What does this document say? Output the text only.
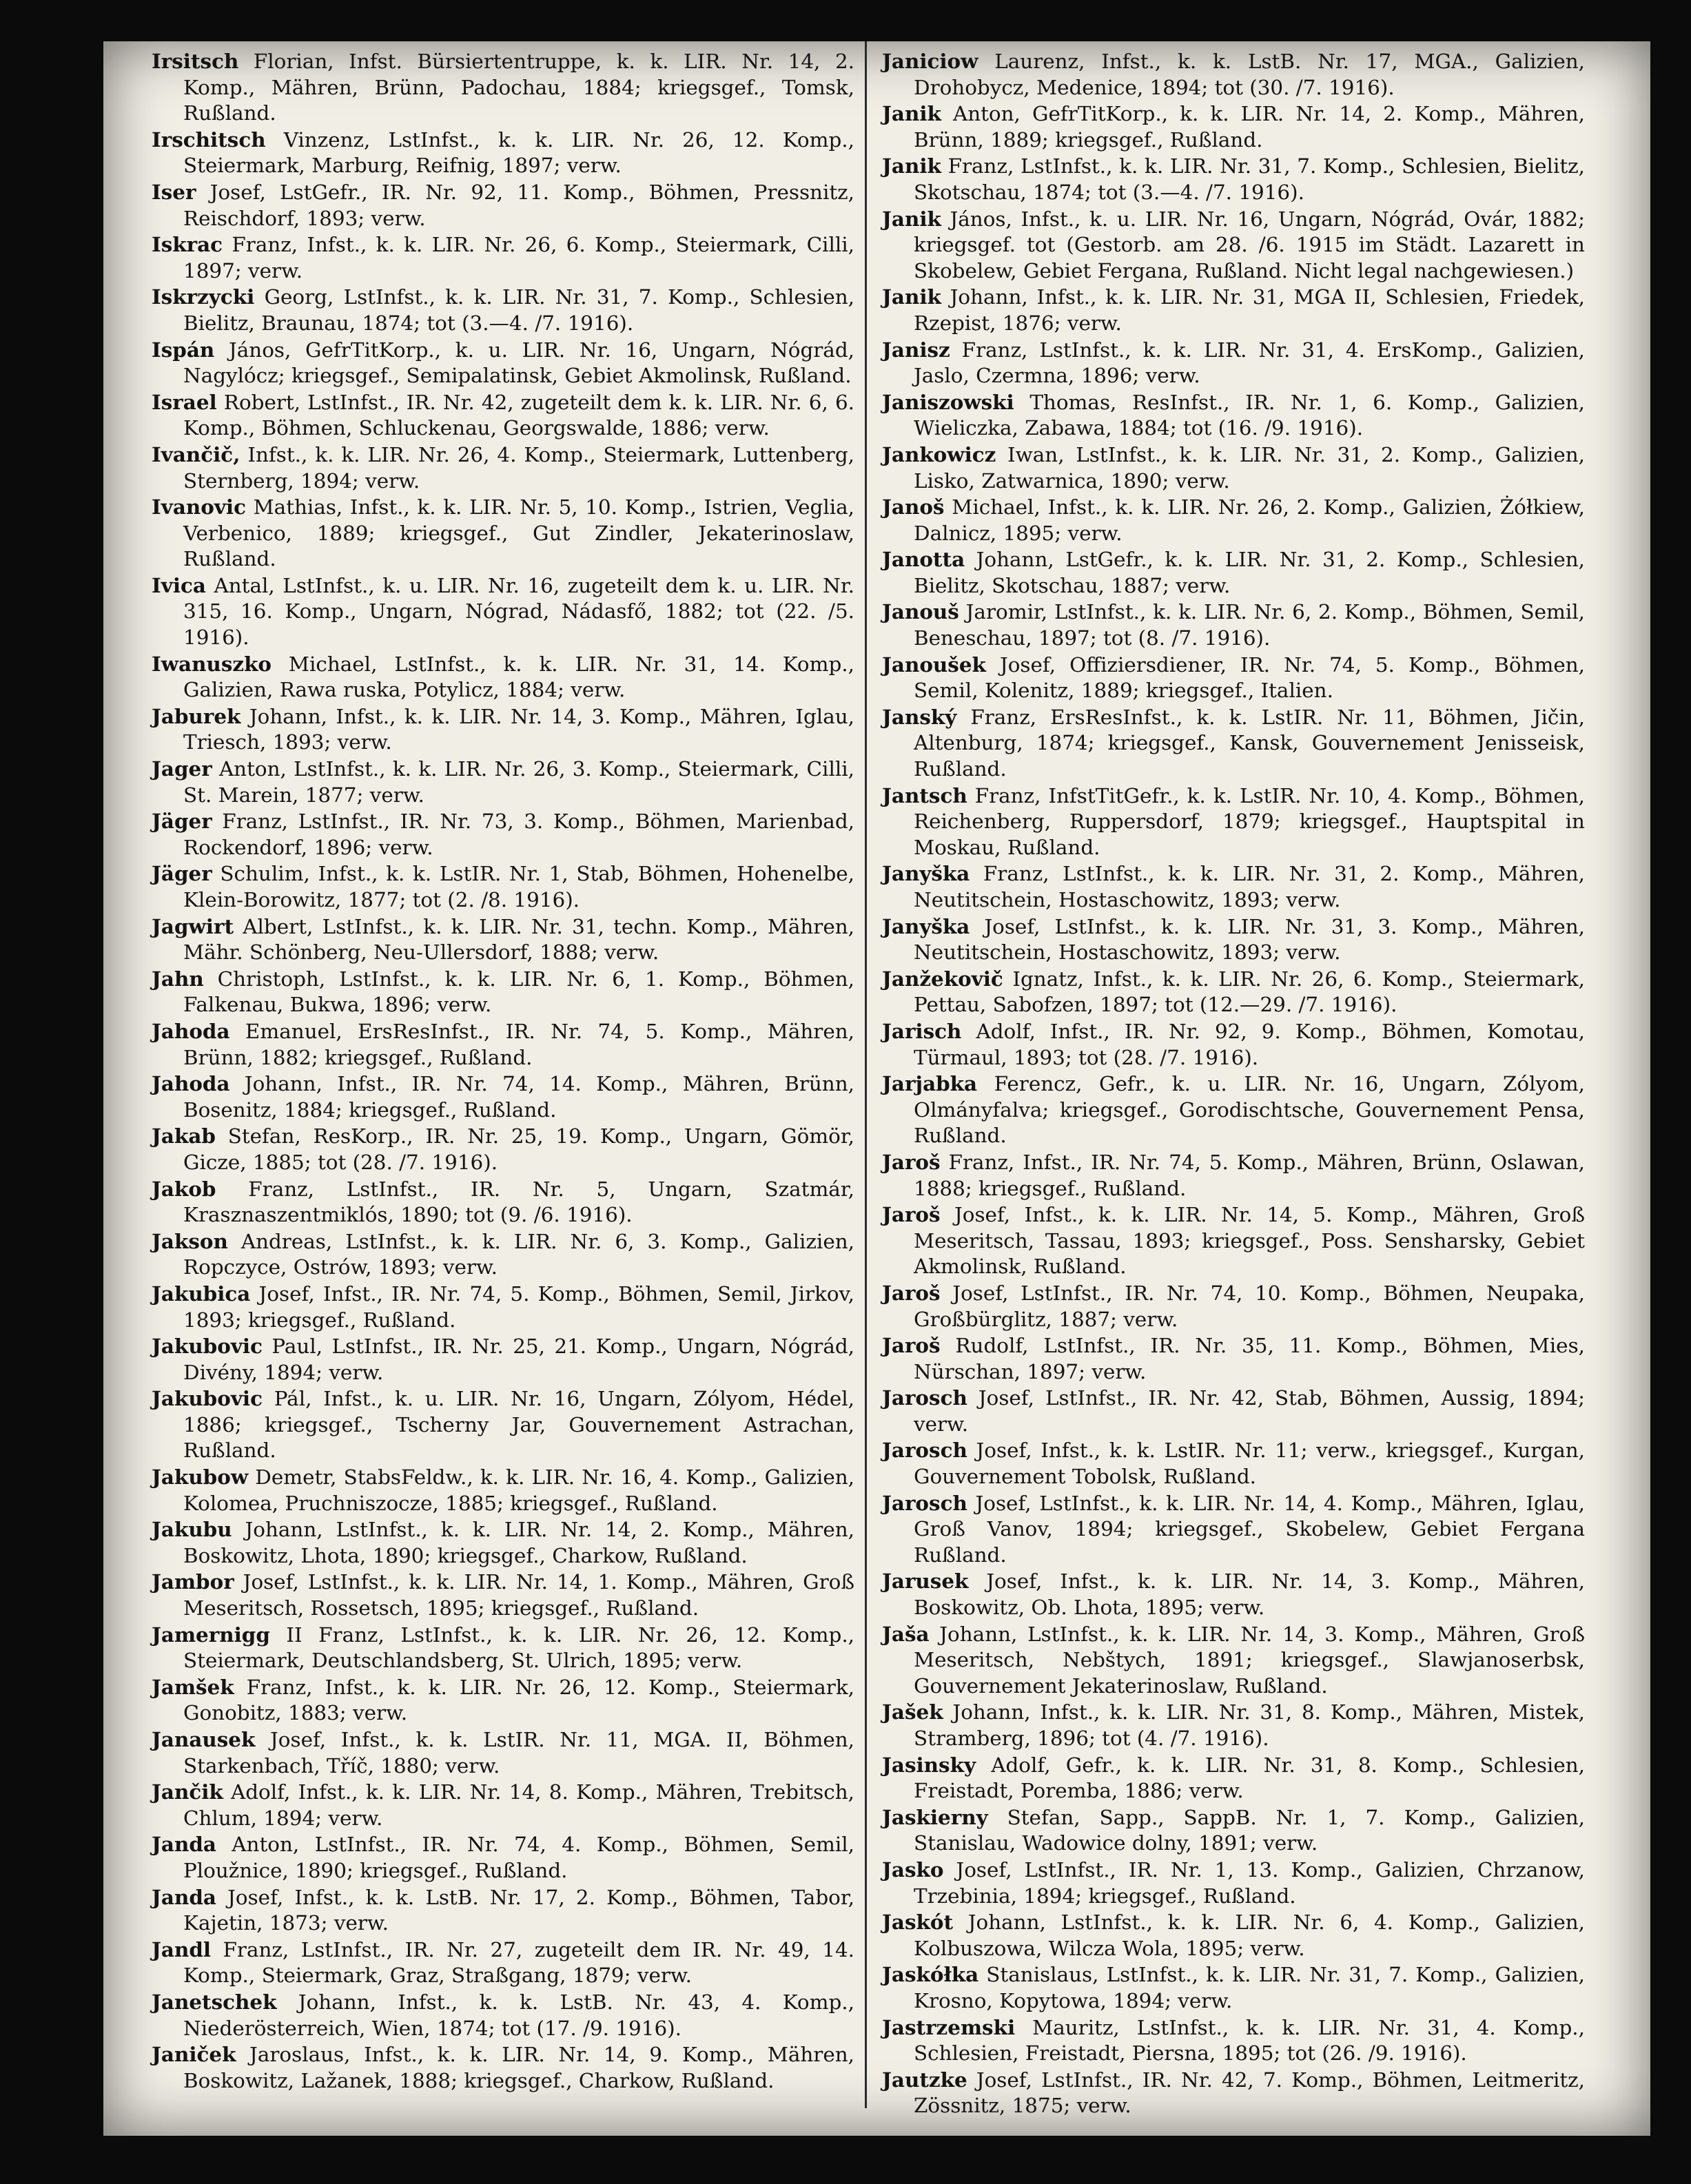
Irsitsch Florian, Infst. Bürsiertentruppe, k. k. LIR. Nr. 14, 2. Komp., Mähren, Brünn, Padochau, 1884; kriegsgef., Tomsk, Rußland.

Irschitsch Vinzenz, LstInfst., k. k. LIR. Nr. 26, 12. Komp., Steiermark, Marburg, Reifnig, 1897; verw.

Iser Josef, LstGefr., IR. Nr. 92, 11. Komp., Böhmen, Pressnitz, Reischdorf, 1893; verw.

Iskrac Franz, Infst., k. k. LIR. Nr. 26, 6. Komp., Steiermark, Cilli, 1897; verw.

Iskrzycki Georg, LstInfst., k. k. LIR. Nr. 31, 7. Komp., Schlesien, Bielitz, Braunau, 1874; tot (3.—4. /7. 1916).

Ispán János, GefrTitKorp., k. u. LIR. Nr. 16, Ungarn, Nógrád, Nagylócz; kriegsgef., Semipalatinsk, Gebiet Akmolinsk, Rußland.

Israel Robert, LstInfst., IR. Nr. 42, zugeteilt dem k. k. LIR. Nr. 6, 6. Komp., Böhmen, Schluckenau, Georgswalde, 1886; verw.

Ivančič, Infst., k. k. LIR. Nr. 26, 4. Komp., Steiermark, Luttenberg, Sternberg, 1894; verw.

Ivanovic Mathias, Infst., k. k. LIR. Nr. 5, 10. Komp., Istrien, Veglia, Verbenico, 1889; kriegsgef., Gut Zindler, Jekaterinoslaw, Rußland.

Ivica Antal, LstInfst., k. u. LIR. Nr. 16, zugeteilt dem k. u. LIR. Nr. 315, 16. Komp., Ungarn, Nógrad, Nádasfő, 1882; tot (22. /5. 1916).

Iwanuszko Michael, LstInfst., k. k. LIR. Nr. 31, 14. Komp., Galizien, Rawa ruska, Potylicz, 1884; verw.

Jaburek Johann, Infst., k. k. LIR. Nr. 14, 3. Komp., Mähren, Iglau, Triesch, 1893; verw.

Jager Anton, LstInfst., k. k. LIR. Nr. 26, 3. Komp., Steiermark, Cilli, St. Marein, 1877; verw.

Jäger Franz, LstInfst., IR. Nr. 73, 3. Komp., Böhmen, Marienbad, Rockendorf, 1896; verw.

Jäger Schulim, Infst., k. k. LstIR. Nr. 1, Stab, Böhmen, Hohenelbe, Klein-Borowitz, 1877; tot (2. /8. 1916).

Jagwirt Albert, LstInfst., k. k. LIR. Nr. 31, techn. Komp., Mähren, Mähr. Schönberg, Neu-Ullersdorf, 1888; verw.

Jahn Christoph, LstInfst., k. k. LIR. Nr. 6, 1. Komp., Böhmen, Falkenau, Bukwa, 1896; verw.

Jahoda Emanuel, ErsResInfst., IR. Nr. 74, 5. Komp., Mähren, Brünn, 1882; kriegsgef., Rußland.

Jahoda Johann, Infst., IR. Nr. 74, 14. Komp., Mähren, Brünn, Bosenitz, 1884; kriegsgef., Rußland.

Jakab Stefan, ResKorp., IR. Nr. 25, 19. Komp., Ungarn, Gömör, Gicze, 1885; tot (28. /7. 1916).

Jakob Franz, LstInfst., IR. Nr. 5, Ungarn, Szatmár, Krasznaszentmiklós, 1890; tot (9. /6. 1916).

Jakson Andreas, LstInfst., k. k. LIR. Nr. 6, 3. Komp., Galizien, Ropczyce, Ostrów, 1893; verw.

Jakubica Josef, Infst., IR. Nr. 74, 5. Komp., Böhmen, Semil, Jirkov, 1893; kriegsgef., Rußland.

Jakubovic Paul, LstInfst., IR. Nr. 25, 21. Komp., Ungarn, Nógrád, Divény, 1894; verw.

Jakubovic Pál, Infst., k. u. LIR. Nr. 16, Ungarn, Zólyom, Hédel, 1886; kriegsgef., Tscherny Jar, Gouvernement Astrachan, Rußland.

Jakubow Demetr, StabsFeldw., k. k. LIR. Nr. 16, 4. Komp., Galizien, Kolomea, Pruchniszocze, 1885; kriegsgef., Rußland.

Jakubu Johann, LstInfst., k. k. LIR. Nr. 14, 2. Komp., Mähren, Boskowitz, Lhota, 1890; kriegsgef., Charkow, Rußland.

Jambor Josef, LstInfst., k. k. LIR. Nr. 14, 1. Komp., Mähren, Groß Meseritsch, Rossetsch, 1895; kriegsgef., Rußland.

Jamernigg II Franz, LstInfst., k. k. LIR. Nr. 26, 12. Komp., Steiermark, Deutschlandsberg, St. Ulrich, 1895; verw.

Jamšek Franz, Infst., k. k. LIR. Nr. 26, 12. Komp., Steiermark, Gonobitz, 1883; verw.

Janausek Josef, Infst., k. k. LstIR. Nr. 11, MGA. II, Böhmen, Starkenbach, Tříč, 1880; verw.

Jančik Adolf, Infst., k. k. LIR. Nr. 14, 8. Komp., Mähren, Trebitsch, Chlum, 1894; verw.

Janda Anton, LstInfst., IR. Nr. 74, 4. Komp., Böhmen, Semil, Ploužnice, 1890; kriegsgef., Rußland.

Janda Josef, Infst., k. k. LstB. Nr. 17, 2. Komp., Böhmen, Tabor, Kajetin, 1873; verw.

Jandl Franz, LstInfst., IR. Nr. 27, zugeteilt dem IR. Nr. 49, 14. Komp., Steiermark, Graz, Straßgang, 1879; verw.

Janetschek Johann, Infst., k. k. LstB. Nr. 43, 4. Komp., Niederösterreich, Wien, 1874; tot (17. /9. 1916).

Janiček Jaroslaus, Infst., k. k. LIR. Nr. 14, 9. Komp., Mähren, Boskowitz, Lažanek, 1888; kriegsgef., Charkow, Rußland.

Janiciow Laurenz, Infst., k. k. LstB. Nr. 17, MGA., Galizien, Drohobycz, Medenice, 1894; tot (30. /7. 1916).

Janik Anton, GefrTitKorp., k. k. LIR. Nr. 14, 2. Komp., Mähren, Brünn, 1889; kriegsgef., Rußland.

Janik Franz, LstInfst., k. k. LIR. Nr. 31, 7. Komp., Schlesien, Bielitz, Skotschau, 1874; tot (3.—4. /7. 1916).

Janik János, Infst., k. u. LIR. Nr. 16, Ungarn, Nógrád, Ovár, 1882; kriegsgef. tot (Gestorb. am 28. /6. 1915 im Städt. Lazarett in Skobelew, Gebiet Fergana, Rußland. Nicht legal nachgewiesen.)

Janik Johann, Infst., k. k. LIR. Nr. 31, MGA II, Schlesien, Friedek, Rzepist, 1876; verw.

Janisz Franz, LstInfst., k. k. LIR. Nr. 31, 4. ErsKomp., Galizien, Jaslo, Czermna, 1896; verw.

Janiszowski Thomas, ResInfst., IR. Nr. 1, 6. Komp., Galizien, Wieliczka, Zabawa, 1884; tot (16. /9. 1916).

Jankowicz Iwan, LstInfst., k. k. LIR. Nr. 31, 2. Komp., Galizien, Lisko, Zatwarnica, 1890; verw.

Janoš Michael, Infst., k. k. LIR. Nr. 26, 2. Komp., Galizien, Żółkiew, Dalnicz, 1895; verw.

Janotta Johann, LstGefr., k. k. LIR. Nr. 31, 2. Komp., Schlesien, Bielitz, Skotschau, 1887; verw.

Janouš Jaromir, LstInfst., k. k. LIR. Nr. 6, 2. Komp., Böhmen, Semil, Beneschau, 1897; tot (8. /7. 1916).

Janoušek Josef, Offiziersdiener, IR. Nr. 74, 5. Komp., Böhmen, Semil, Kolenitz, 1889; kriegsgef., Italien.

Janský Franz, ErsResInfst., k. k. LstIR. Nr. 11, Böhmen, Jičin, Altenburg, 1874; kriegsgef., Kansk, Gouvernement Jenisseisk, Rußland.

Jantsch Franz, InfstTitGefr., k. k. LstIR. Nr. 10, 4. Komp., Böhmen, Reichenberg, Ruppersdorf, 1879; kriegsgef., Hauptspital in Moskau, Rußland.

Janyška Franz, LstInfst., k. k. LIR. Nr. 31, 2. Komp., Mähren, Neutitschein, Hostaschowitz, 1893; verw.

Janyška Josef, LstInfst., k. k. LIR. Nr. 31, 3. Komp., Mähren, Neutitschein, Hostaschowitz, 1893; verw.

Janžekovič Ignatz, Infst., k. k. LIR. Nr. 26, 6. Komp., Steiermark, Pettau, Sabofzen, 1897; tot (12.—29. /7. 1916).

Jarisch Adolf, Infst., IR. Nr. 92, 9. Komp., Böhmen, Komotau, Türmaul, 1893; tot (28. /7. 1916).

Jarjabka Ferencz, Gefr., k. u. LIR. Nr. 16, Ungarn, Zólyom, Olmányfalva; kriegsgef., Gorodischtsche, Gouvernement Pensa, Rußland.

Jaroš Franz, Infst., IR. Nr. 74, 5. Komp., Mähren, Brünn, Oslawan, 1888; kriegsgef., Rußland.

Jaroš Josef, Infst., k. k. LIR. Nr. 14, 5. Komp., Mähren, Groß Meseritsch, Tassau, 1893; kriegsgef., Poss. Sensharsky, Gebiet Akmolinsk, Rußland.

Jaroš Josef, LstInfst., IR. Nr. 74, 10. Komp., Böhmen, Neupaka, Großbürglitz, 1887; verw.

Jaroš Rudolf, LstInfst., IR. Nr. 35, 11. Komp., Böhmen, Mies, Nürschan, 1897; verw.

Jarosch Josef, LstInfst., IR. Nr. 42, Stab, Böhmen, Aussig, 1894; verw.

Jarosch Josef, Infst., k. k. LstIR. Nr. 11; verw., kriegsgef., Kurgan, Gouvernement Tobolsk, Rußland.

Jarosch Josef, LstInfst., k. k. LIR. Nr. 14, 4. Komp., Mähren, Iglau, Groß Vanov, 1894; kriegsgef., Skobelew, Gebiet Fergana Rußland.

Jarusek Josef, Infst., k. k. LIR. Nr. 14, 3. Komp., Mähren, Boskowitz, Ob. Lhota, 1895; verw.

Jaša Johann, LstInfst., k. k. LIR. Nr. 14, 3. Komp., Mähren, Groß Meseritsch, Nebštych, 1891; kriegsgef., Slawjanoserbsk, Gouvernement Jekaterinoslaw, Rußland.

Jašek Johann, Infst., k. k. LIR. Nr. 31, 8. Komp., Mähren, Mistek, Stramberg, 1896; tot (4. /7. 1916).

Jasinsky Adolf, Gefr., k. k. LIR. Nr. 31, 8. Komp., Schlesien, Freistadt, Poremba, 1886; verw.

Jaskierny Stefan, Sapp., SappB. Nr. 1, 7. Komp., Galizien, Stanislau, Wadowice dolny, 1891; verw.

Jasko Josef, LstInfst., IR. Nr. 1, 13. Komp., Galizien, Chrzanow, Trzebinia, 1894; kriegsgef., Rußland.

Jaskót Johann, LstInfst., k. k. LIR. Nr. 6, 4. Komp., Galizien, Kolbuszowa, Wilcza Wola, 1895; verw.

Jaskółka Stanislaus, LstInfst., k. k. LIR. Nr. 31, 7. Komp., Galizien, Krosno, Kopytowa, 1894; verw.

Jastrzemski Mauritz, LstInfst., k. k. LIR. Nr. 31, 4. Komp., Schlesien, Freistadt, Piersna, 1895; tot (26. /9. 1916).

Jautzke Josef, LstInfst., IR. Nr. 42, 7. Komp., Böhmen, Leitmeritz, Zössnitz, 1875; verw.
